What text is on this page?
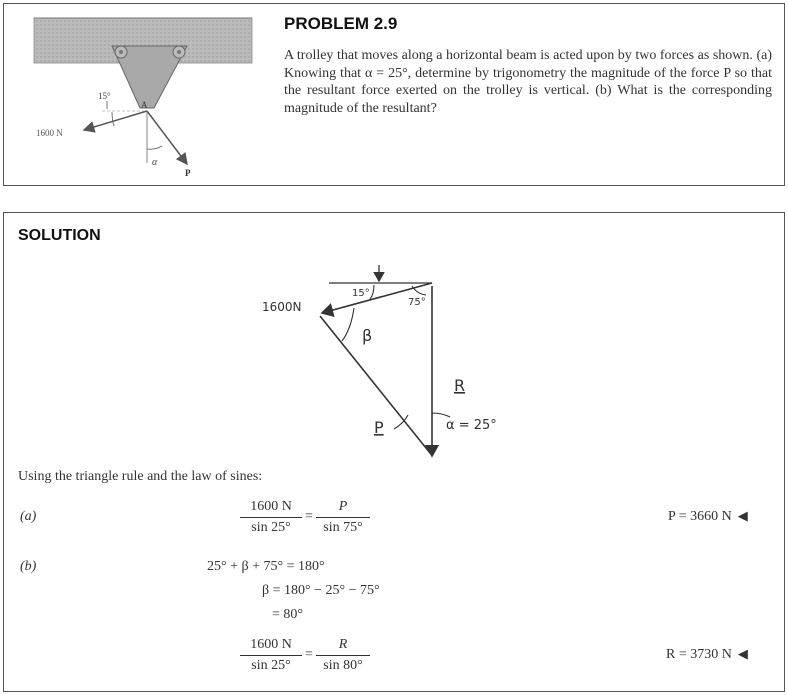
15°
1600 N
A
α
P
PROBLEM 2.9
A trolley that moves along a horizontal beam is acted upon by two forces as shown. (a) Knowing that α = 25°, determine by trigonometry the magnitude of the force P so that the resultant force exerted on the trolley is vertical. (b) What is the corresponding magnitude of the resultant?
SOLUTION
1600N
15°
75°
β
R
P	α = 25°
Using the triangle rule and the law of sines:
(a)	$\frac{1600 N}{\sin 25^\circ} = \frac{P}{\sin 75^\circ}$	P = 3660 N ◀
(b)	25° + β + 75° = 180°
β = 180° − 25° − 75°
= 80°
$\frac{1600 N}{\sin 25^\circ} = \frac{R}{\sin 80^\circ}$	R = 3730 N ◀
